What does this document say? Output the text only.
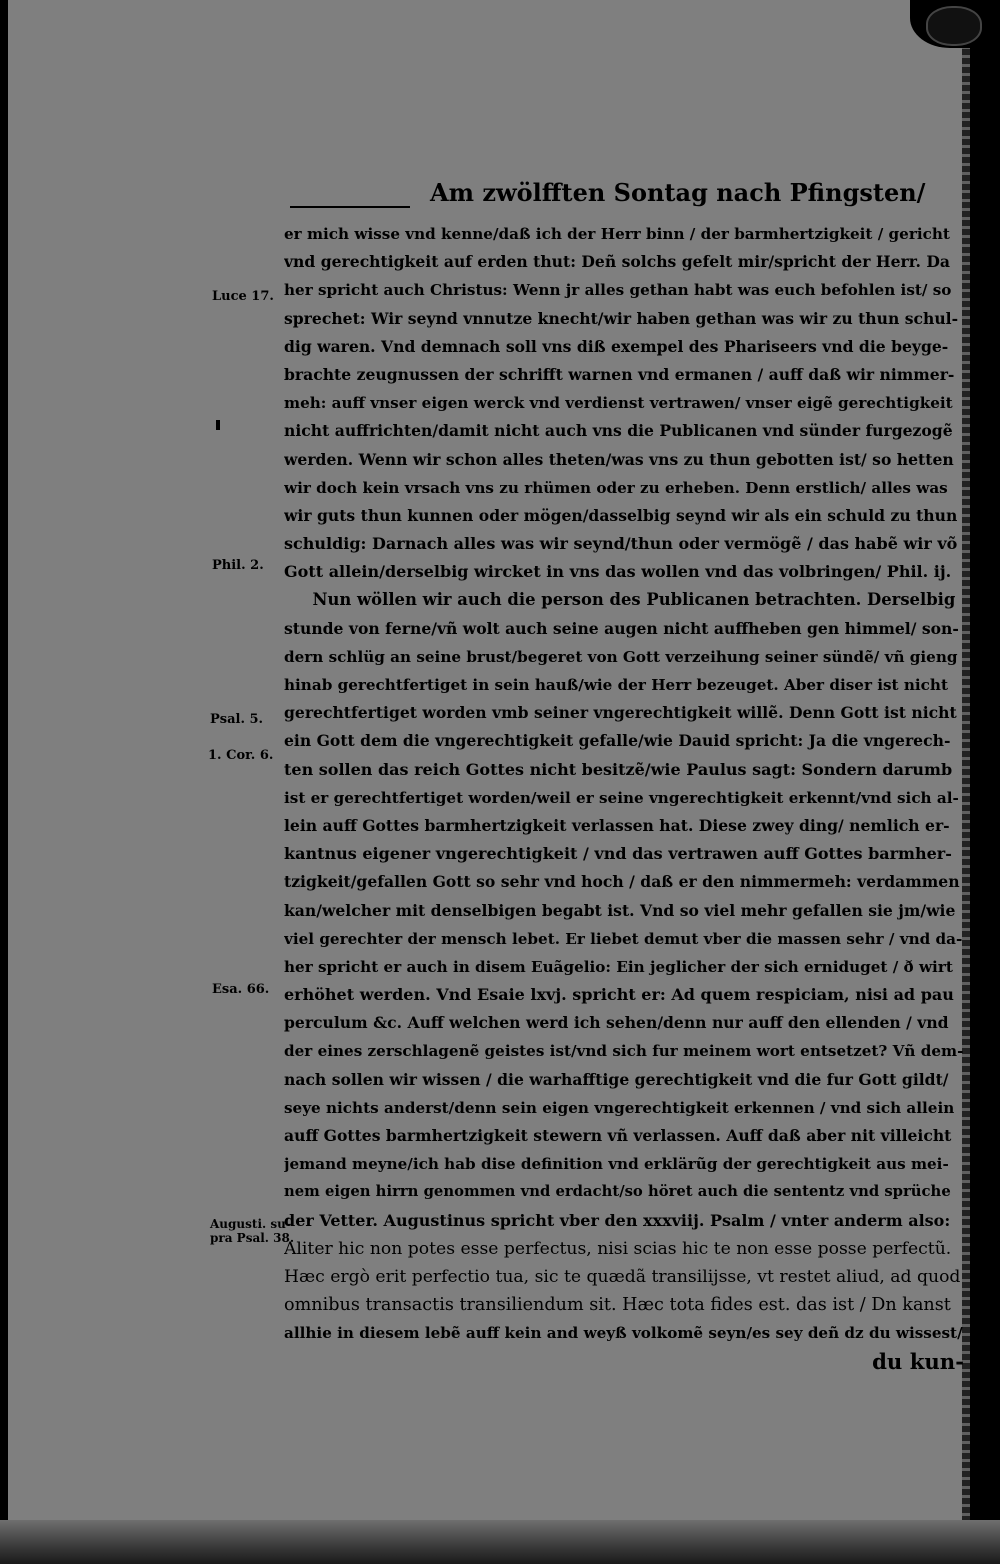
Am zwölfften Sontag nach Pfingsten/
Luce 17.
Phil. 2.
Psal. 5.
1. Cor. 6.
Esa. 66.
Augusti. su-
pra Psal. 38.
er mich wisse vnd kenne/daß ich der Herr binn / der barmhertzigkeit / gericht
vnd gerechtigkeit auf erden thut: Deñ solchs gefelt mir/spricht der Herr. Da
her spricht auch Christus: Wenn jr alles gethan habt was euch befohlen ist/ so
sprechet: Wir seynd vnnutze knecht/wir haben gethan was wir zu thun schul-
dig waren. Vnd demnach soll vns diß exempel des Phariseers vnd die beyge-
brachte zeugnussen der schrifft warnen vnd ermanen / auff daß wir nimmer-
meh: auff vnser eigen werck vnd verdienst vertrawen/ vnser eigẽ gerechtigkeit
nicht auffrichten/damit nicht auch vns die Publicanen vnd sünder furgezogẽ
werden. Wenn wir schon alles theten/was vns zu thun gebotten ist/ so hetten
wir doch kein vrsach vns zu rhümen oder zu erheben. Denn erstlich/ alles was
wir guts thun kunnen oder mögen/dasselbig seynd wir als ein schuld zu thun
schuldig: Darnach alles was wir seynd/thun oder vermögẽ / das habẽ wir võ
Gott allein/derselbig wircket in vns das wollen vnd das volbringen/ Phil. ij.
Nun wöllen wir auch die person des Publicanen betrachten. Derselbig
stunde von ferne/vñ wolt auch seine augen nicht auffheben gen himmel/ son-
dern schlüg an seine brust/begeret von Gott verzeihung seiner sündẽ/ vñ gieng
hinab gerechtfertiget in sein hauß/wie der Herr bezeuget. Aber diser ist nicht
gerechtfertiget worden vmb seiner vngerechtigkeit willẽ. Denn Gott ist nicht
ein Gott dem die vngerechtigkeit gefalle/wie Dauid spricht: Ja die vngerech-
ten sollen das reich Gottes nicht besitzẽ/wie Paulus sagt: Sondern darumb
ist er gerechtfertiget worden/weil er seine vngerechtigkeit erkennt/vnd sich al-
lein auff Gottes barmhertzigkeit verlassen hat. Diese zwey ding/ nemlich er-
kantnus eigener vngerechtigkeit / vnd das vertrawen auff Gottes barmher-
tzigkeit/gefallen Gott so sehr vnd hoch / daß er den nimmermeh: verdammen
kan/welcher mit denselbigen begabt ist. Vnd so viel mehr gefallen sie jm/wie
viel gerechter der mensch lebet. Er liebet demut vber die massen sehr / vnd da-
her spricht er auch in disem Euãgelio: Ein jeglicher der sich erniduget / ð wirt
erhöhet werden. Vnd Esaie lxvj. spricht er: Ad quem respiciam, nisi ad pau
perculum &c. Auff welchen werd ich sehen/denn nur auff den ellenden / vnd
der eines zerschlagenẽ geistes ist/vnd sich fur meinem wort entsetzet? Vñ dem-
nach sollen wir wissen / die warhafftige gerechtigkeit vnd die fur Gott gildt/
seye nichts anderst/denn sein eigen vngerechtigkeit erkennen / vnd sich allein
auff Gottes barmhertzigkeit stewern vñ verlassen. Auff daß aber nit villeicht
jemand meyne/ich hab dise definition vnd erklärũg der gerechtigkeit aus mei-
nem eigen hirrn genommen vnd erdacht/so höret auch die sententz vnd sprüche
der Vetter. Augustinus spricht vber den xxxviij. Psalm / vnter anderm also:
Aliter hic non potes esse perfectus, nisi scias hic te non esse posse perfectũ.
Hæc ergò erit perfectio tua, sic te quædã transilijsse, vt restet aliud, ad quod
omnibus transactis transiliendum sit. Hæc tota fides est. das ist / Dn kanst
allhie in diesem lebẽ auff kein and weyß volkomẽ seyn/es sey deñ dz du wissest/
du kun-
